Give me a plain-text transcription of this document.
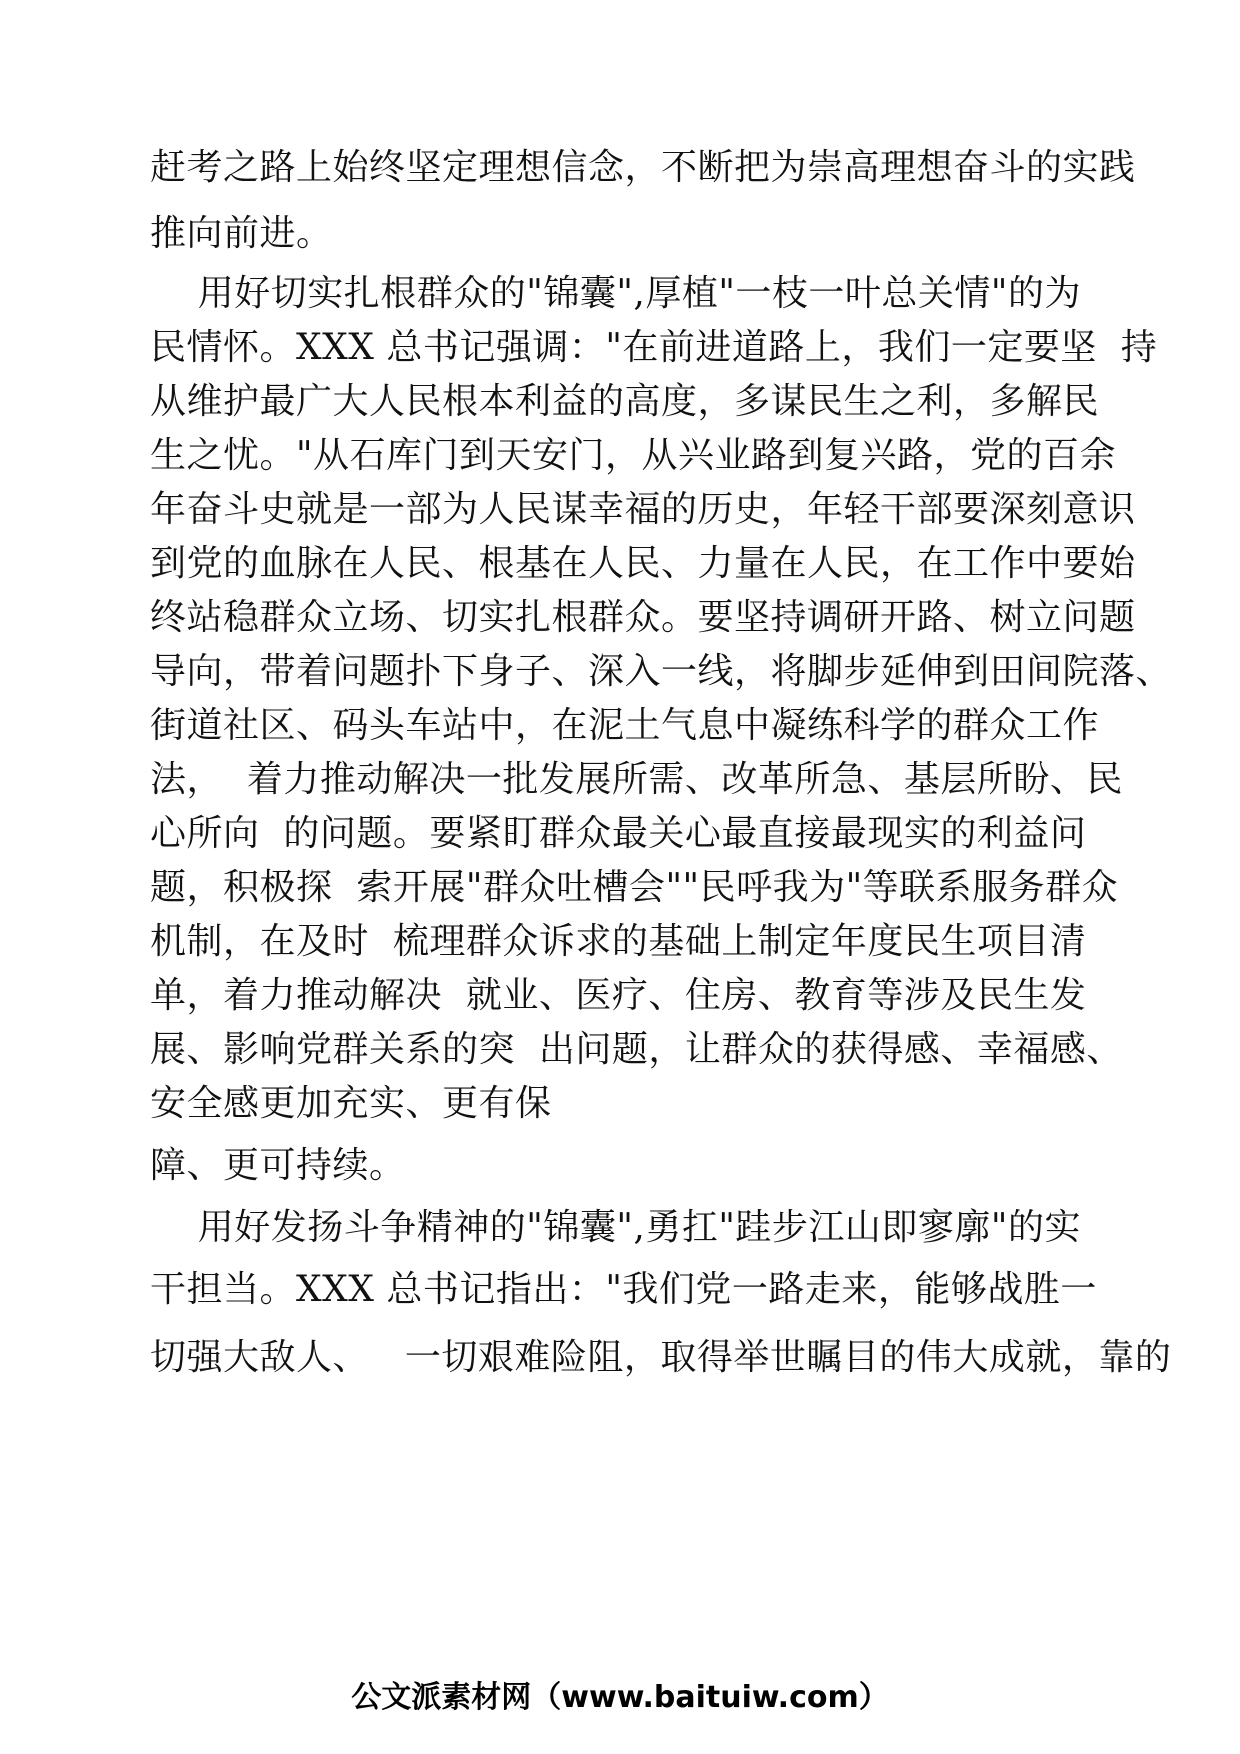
赶考之路上始终坚定理想信念，不断把为崇高理想奋斗的实践
推向前进。
用好切实扎根群众的"锦囊",厚植"一枝一叶总关情"的为
民情怀。XXX 总书记强调："在前进道路上，我们一定要坚  持
从维护最广大人民根本利益的高度，多谋民生之利，多解民
生之忧。"从石库门到天安门，从兴业路到复兴路，党的百余
年奋斗史就是一部为人民谋幸福的历史，年轻干部要深刻意识
到党的血脉在人民、根基在人民、力量在人民，在工作中要始
终站稳群众立场、切实扎根群众。要坚持调研开路、树立问题
导向，带着问题扑下身子、深入一线，将脚步延伸到田间院落、
街道社区、码头车站中，在泥土气息中凝练科学的群众工作
法，  着力推动解决一批发展所需、改革所急、基层所盼、民
心所向  的问题。要紧盯群众最关心最直接最现实的利益问
题，积极探  索开展"群众吐槽会""民呼我为"等联系服务群众
机制，在及时  梳理群众诉求的基础上制定年度民生项目清
单，着力推动解决  就业、医疗、住房、教育等涉及民生发
展、影响党群关系的突  出问题，让群众的获得感、幸福感、
安全感更加充实、更有保
障、更可持续。
用好发扬斗争精神的"锦囊",勇扛"跬步江山即寥廓"的实
干担当。XXX 总书记指出："我们党一路走来，能够战胜一
切强大敌人、   一切艰难险阻，取得举世瞩目的伟大成就，靠的
公文派素材网（www.baituiw.com）
